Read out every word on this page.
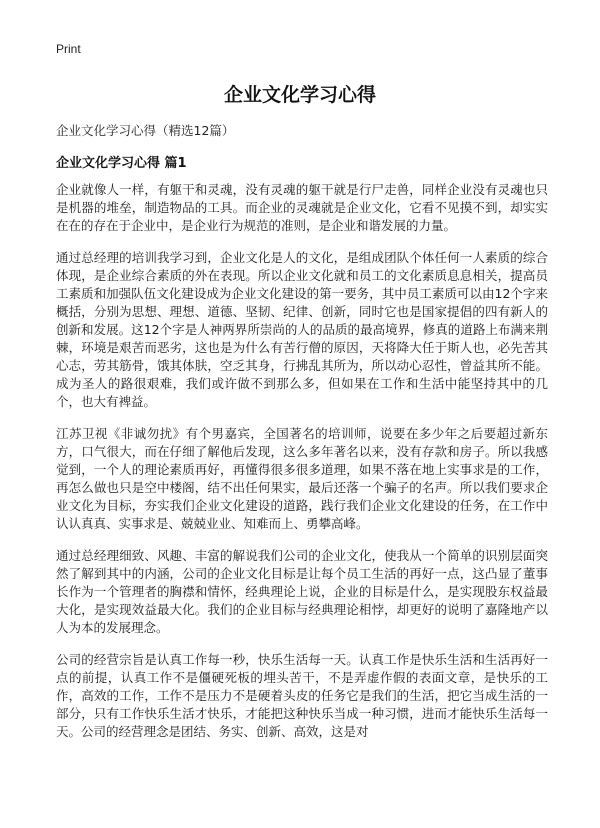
Print
企业文化学习心得
企业文化学习心得（精选12篇）
企业文化学习心得 篇1

企业就像人一样，有躯干和灵魂，没有灵魂的躯干就是行尸走兽，同样企业没有灵魂也只是机器的堆垒，制造物品的工具。而企业的灵魂就是企业文化，它看不见摸不到，却实实在在的存在于企业中，是企业行为规范的准则，是企业和谐发展的力量。

通过总经理的培训我学习到，企业文化是人的文化，是组成团队个体任何一人素质的综合体现，是企业综合素质的外在表现。所以企业文化就和员工的文化素质息息相关，提高员工素质和加强队伍文化建设成为企业文化建设的第一要务，其中员工素质可以由12个字来概括，分别为思想、理想、道德、坚韧、纪律、创新，同时它也是国家提倡的四有新人的创新和发展。这12个字是人神两界所崇尚的人的品质的最高境界，修真的道路上布满来荆棘，环境是艰苦而恶劣，这也是为什么有苦行僧的原因，天将降大任于斯人也，必先苦其心志，劳其筋骨，饿其体肤，空乏其身，行拂乱其所为，所以动心忍性，曾益其所不能。成为圣人的路很艰难，我们或许做不到那么多，但如果在工作和生活中能坚持其中的几个，也大有裨益。

江苏卫视《非诚勿扰》有个男嘉宾，全国著名的培训师，说要在多少年之后要超过新东方，口气很大，而在仔细了解他后发现，这么多年著名以来，没有存款和房子。所以我感觉到，一个人的理论素质再好，再懂得很多很多道理，如果不落在地上实事求是的工作，再怎么做也只是空中楼阁，结不出任何果实，最后还落一个骗子的名声。所以我们要求企业文化为目标，夯实我们企业文化建设的道路，践行我们企业文化建设的任务，在工作中认认真真、实事求是、兢兢业业、知难而上、勇攀高峰。

通过总经理细致、风趣、丰富的解说我们公司的企业文化，使我从一个简单的识别层面突然了解到其中的内涵，公司的企业文化目标是让每个员工生活的再好一点，这凸显了董事长作为一个管理者的胸襟和情怀，经典理论上说，企业的目标是什么，是实现股东权益最大化，是实现效益最大化。我们的企业目标与经典理论相悖，却更好的说明了嘉隆地产以人为本的发展理念。

公司的经营宗旨是认真工作每一秒，快乐生活每一天。认真工作是快乐生活和生活再好一点的前提，认真工作不是僵硬死板的埋头苦干，不是弄虚作假的表面文章，是快乐的工作，高效的工作，工作不是压力不是硬着头皮的任务它是我们的生活，把它当成生活的一部分，只有工作快乐生活才快乐，才能把这种快乐当成一种习惯，进而才能快乐生活每一天。公司的经营理念是团结、务实、创新、高效，这是对
